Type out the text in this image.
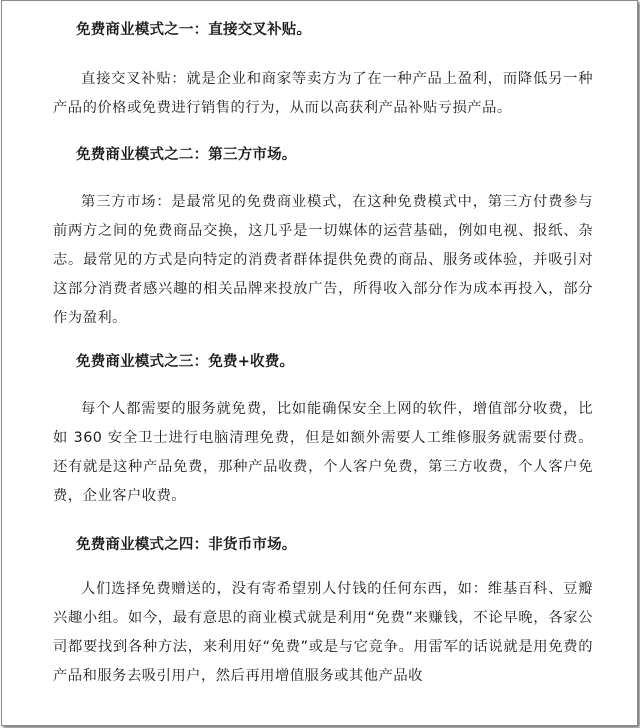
免费商业模式之一：直接交叉补贴。
直接交叉补贴：就是企业和商家等卖方为了在一种产品上盈利，而降低另一种产品的价格或免费进行销售的行为，从而以高获利产品补贴亏损产品。
免费商业模式之二：第三方市场。
第三方市场：是最常见的免费商业模式，在这种免费模式中，第三方付费参与前两方之间的免费商品交换，这几乎是一切媒体的运营基础，例如电视、报纸、杂志。最常见的方式是向特定的消费者群体提供免费的商品、服务或体验，并吸引对这部分消费者感兴趣的相关品牌来投放广告，所得收入部分作为成本再投入，部分作为盈利。
免费商业模式之三：免费+收费。
每个人都需要的服务就免费，比如能确保安全上网的软件，增值部分收费，比如 360 安全卫士进行电脑清理免费，但是如额外需要人工维修服务就需要付费。还有就是这种产品免费，那种产品收费，个人客户免费，第三方收费，个人客户免费，企业客户收费。
免费商业模式之四：非货币市场。
人们选择免费赠送的，没有寄希望别人付钱的任何东西，如：维基百科、豆瓣兴趣小组。如今，最有意思的商业模式就是利用“免费”来赚钱，不论早晚，各家公司都要找到各种方法，来利用好“免费”或是与它竞争。用雷军的话说就是用免费的产品和服务去吸引用户，然后再用增值服务或其他产品收
